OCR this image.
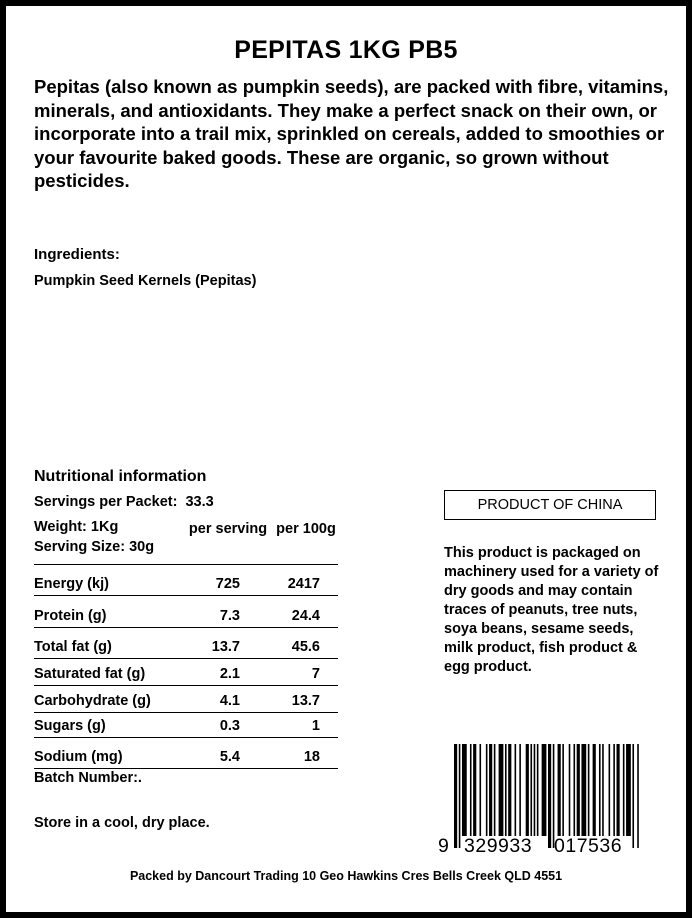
PEPITAS 1KG PB5

Pepitas (also known as pumpkin seeds), are packed with fibre, vitamins, minerals, and antioxidants. They make a perfect snack on their own, or incorporate into a trail mix, sprinkled on cereals, added to smoothies or your favourite baked goods. These are organic, so grown without pesticides.

Ingredients:
Pumpkin Seed Kernels (Pepitas)
Nutritional information
Servings per Packet: 33.3
Weight: 1Kg
Serving Size: 30g
per serving per 100g
Energy (kj)	725	2417
Protein (g)	7.3	24.4
Total fat (g)	13.7	45.6
Saturated fat (g)	2.1	7
Carbohydrate (g)	4.1	13.7
Sugars (g)	0.3	1
Sodium (mg)	5.4	18
Batch Number:.
Store in a cool, dry place.
PRODUCT OF CHINA

This product is packaged on machinery used for a variety of dry goods and may contain traces of peanuts, tree nuts, soya beans, sesame seeds, milk product, fish product & egg product.

9 329933 017536
Packed by Dancourt Trading 10 Geo Hawkins Cres Bells Creek QLD 4551
